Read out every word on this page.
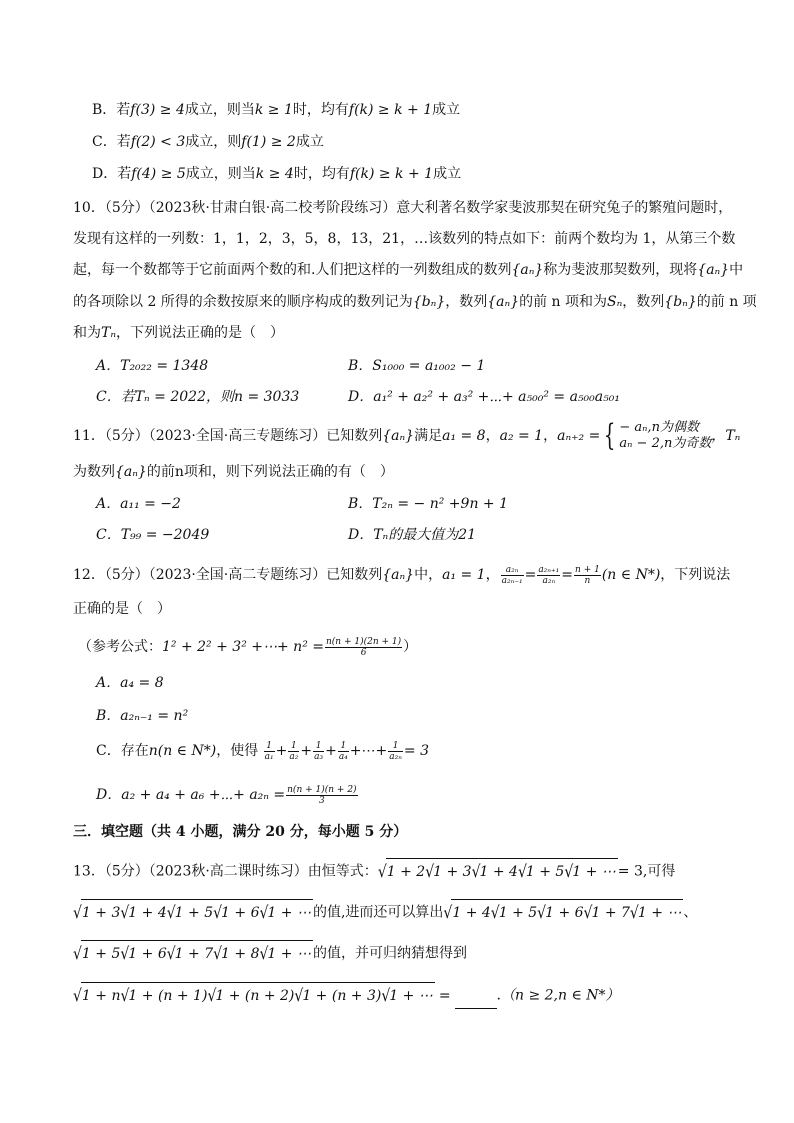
B．若f(3) ≥ 4成立，则当k ≥ 1时，均有f(k) ≥ k + 1成立
C．若f(2) < 3成立，则f(1) ≥ 2成立
D．若f(4) ≥ 5成立，则当k ≥ 4时，均有f(k) ≥ k + 1成立
10．（5分）（2023秋·甘肃白银·高二校考阶段练习）意大利著名数学家斐波那契在研究兔子的繁殖问题时，
发现有这样的一列数：1，1，2，3，5，8，13，21，…该数列的特点如下：前两个数均为 1，从第三个数
起，每一个数都等于它前面两个数的和.人们把这样的一列数组成的数列{aₙ}称为斐波那契数列，现将{aₙ}中
的各项除以 2 所得的余数按原来的顺序构成的数列记为{bₙ}，数列{aₙ}的前 n 项和为Sₙ，数列{bₙ}的前 n 项
和为Tₙ，下列说法正确的是（　）
A．T₂₀₂₂ = 1348	B．S₁₀₀₀ = a₁₀₀₂ − 1
C．若Tₙ = 2022，则n = 3033	D．a₁² + a₂² + a₃² +⋯+ a₅₀₀² = a₅₀₀a₅₀₁
11．（5分）（2023·全国·高三专题练习）已知数列{aₙ}满足a₁ = 8，a₂ = 1，aₙ₊₂ = { − aₙ,n为偶数
aₙ − 2,n为奇数 ，Tₙ
为数列{aₙ}的前n项和，则下列说法正确的有（　）
A．a₁₁ = −2	B．T₂ₙ = − n² +9n + 1
C．T₉₉ = −2049	D．Tₙ的最大值为21
12．（5分）（2023·全国·高二专题练习）已知数列{aₙ}中，a₁ = 1， $\frac{\text{a₂ₙ}}{\text{a₂ₙ₋₁}} = \frac{\text{a₂ₙ₊₁}}{\text{a₂ₙ}} = \frac{n + 1}{n} (n$ ∈ N*)，下列说法
正确的是（　）
（参考公式：1² + 2² + 3² +⋯+ $n^2 = \frac{n(n + 1)(2n + 1)}{6}$ ）
A．a₄ = 8
B．a₂ₙ₋₁ = n²
C．存在n(n ∈ N*)，使得 $\frac{1}{\text{a₁}} + \frac{1}{\text{a₂}} + \frac{1}{\text{a₃}} + \frac{1}{\text{a₄}}$ +⋯+ $\frac{1}{\text{a₂ₙ}} = 3$
D．a₂ + a₄ + a₆ +⋯+ $a_{2n} = \frac{n(n + 1)(n + 2)}{3}$
三．填空题（共 4 小题，满分 20 分，每小题 5 分）
13．（5分）（2023秋·高二课时练习）由恒等式：√1 + 2√1 + 3√1 + 4√1 + 5√1 + ⋯ = 3,可得
√1 + 3√1 + 4√1 + 5√1 + 6√1 + ⋯ 的值,进而还可以算出√1 + 4√1 + 5√1 + 6√1 + 7√1 + ⋯ 、
√1 + 5√1 + 6√1 + 7√1 + 8√1 + ⋯ 的值，并可归纳猜想得到
√1 + n√1 + (n + 1)√1 + (n + 2)√1 + (n + 3)√1 + ⋯ =	.（n ≥ 2,n ∈ N*）
